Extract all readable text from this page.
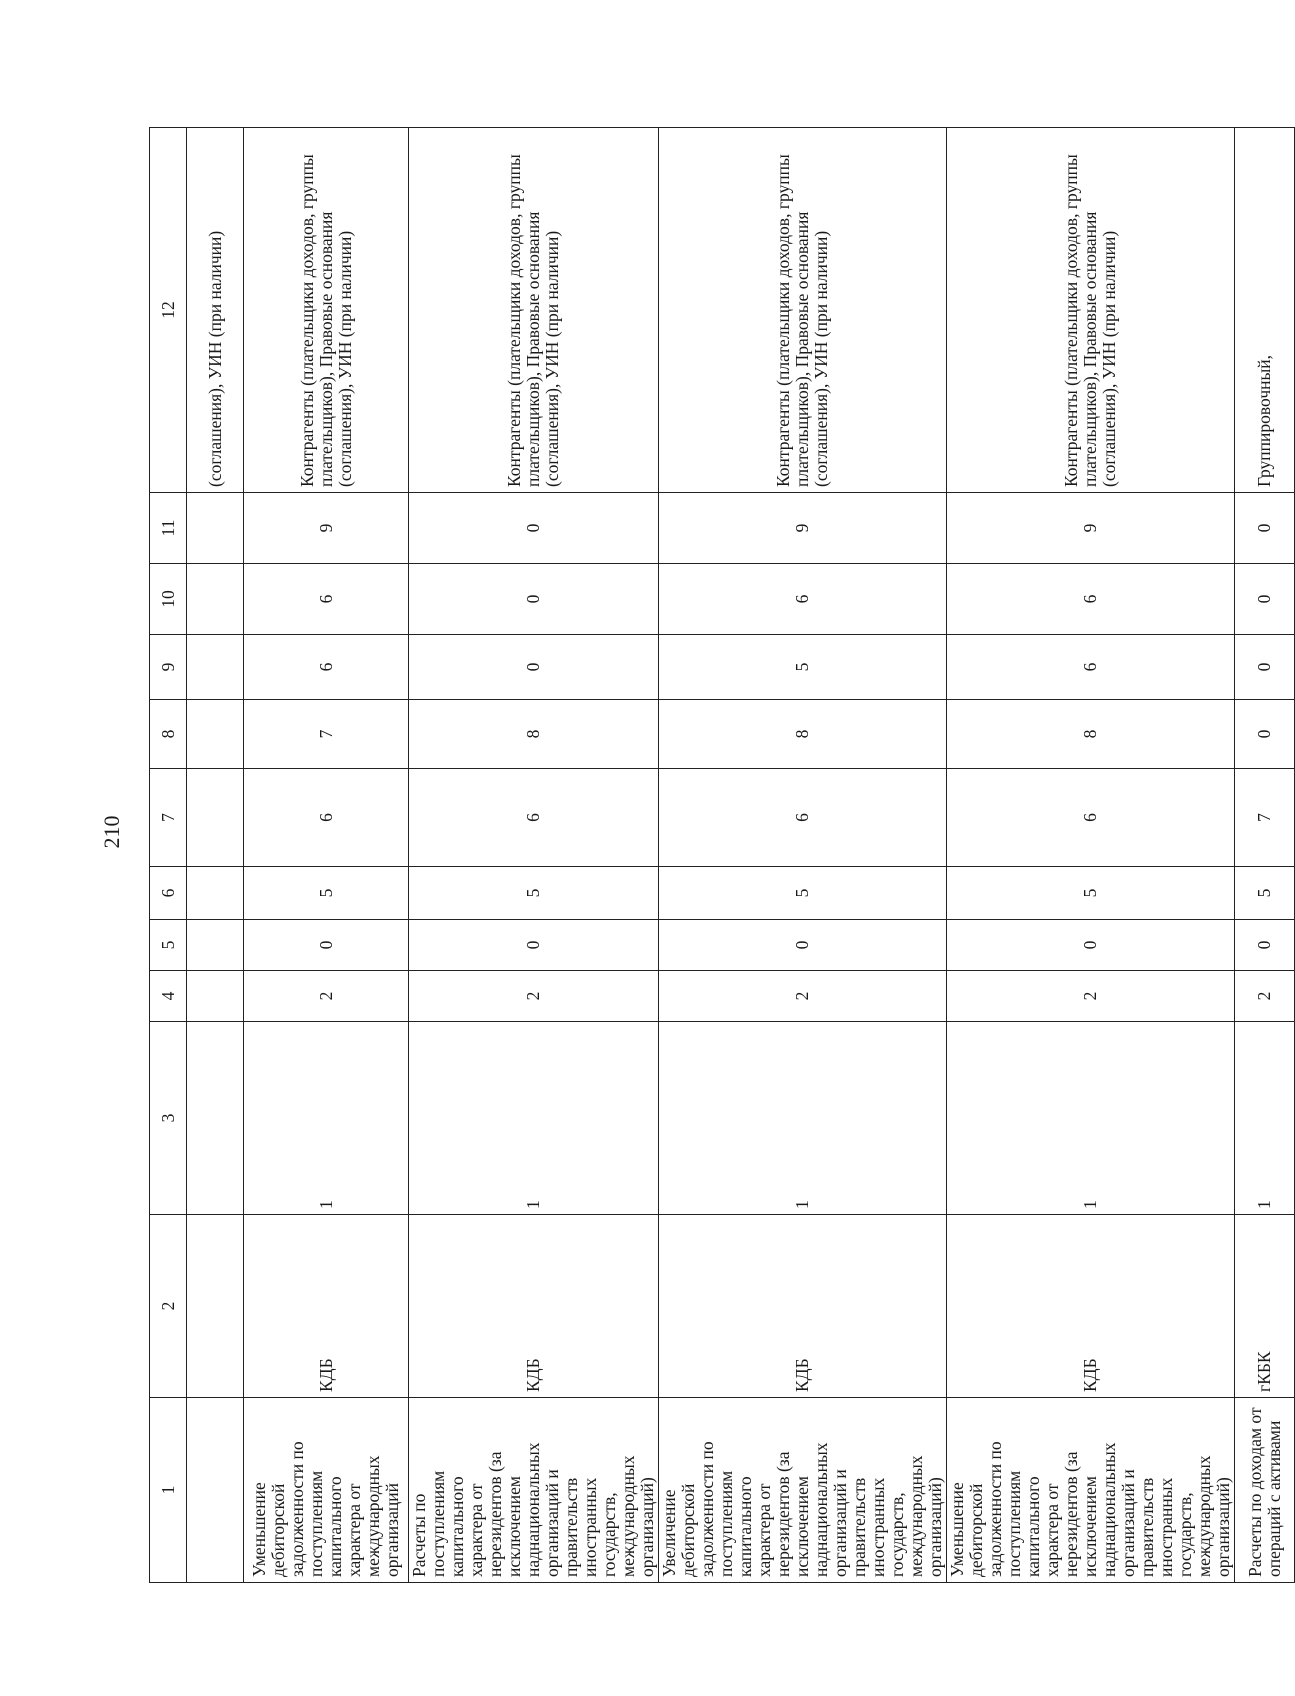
210
1	2	3	4	5	6	7	8	9	10	11	12
											(соглашения), УИН (при наличии)
Уменьшение дебиторской задолженности по поступлениям капитального характера от международных организаций	КДБ	1	2	0	5	6	7	6	6	9	Контрагенты (плательщики доходов, группы плательщиков), Правовые основания (соглашения), УИН (при наличии)
Расчеты по поступлениям капитального характера от нерезидентов (за исключением наднациональных организаций и правительств иностранных государств, международных организаций)	КДБ	1	2	0	5	6	8	0	0	0	Контрагенты (плательщики доходов, группы плательщиков), Правовые основания (соглашения), УИН (при наличии)
Увеличение дебиторской задолженности по поступлениям капитального характера от нерезидентов (за исключением наднациональных организаций и правительств иностранных государств, международных организаций)	КДБ	1	2	0	5	6	8	5	6	9	Контрагенты (плательщики доходов, группы плательщиков), Правовые основания (соглашения), УИН (при наличии)
Уменьшение дебиторской задолженности по поступлениям капитального характера от нерезидентов (за исключением наднациональных организаций и правительств иностранных государств, международных организаций)	КДБ	1	2	0	5	6	8	6	6	9	Контрагенты (плательщики доходов, группы плательщиков), Правовые основания (соглашения), УИН (при наличии)
Расчеты по доходам от операций с активами	гКБК	1	2	0	5	7	0	0	0	0	Группировочный,
